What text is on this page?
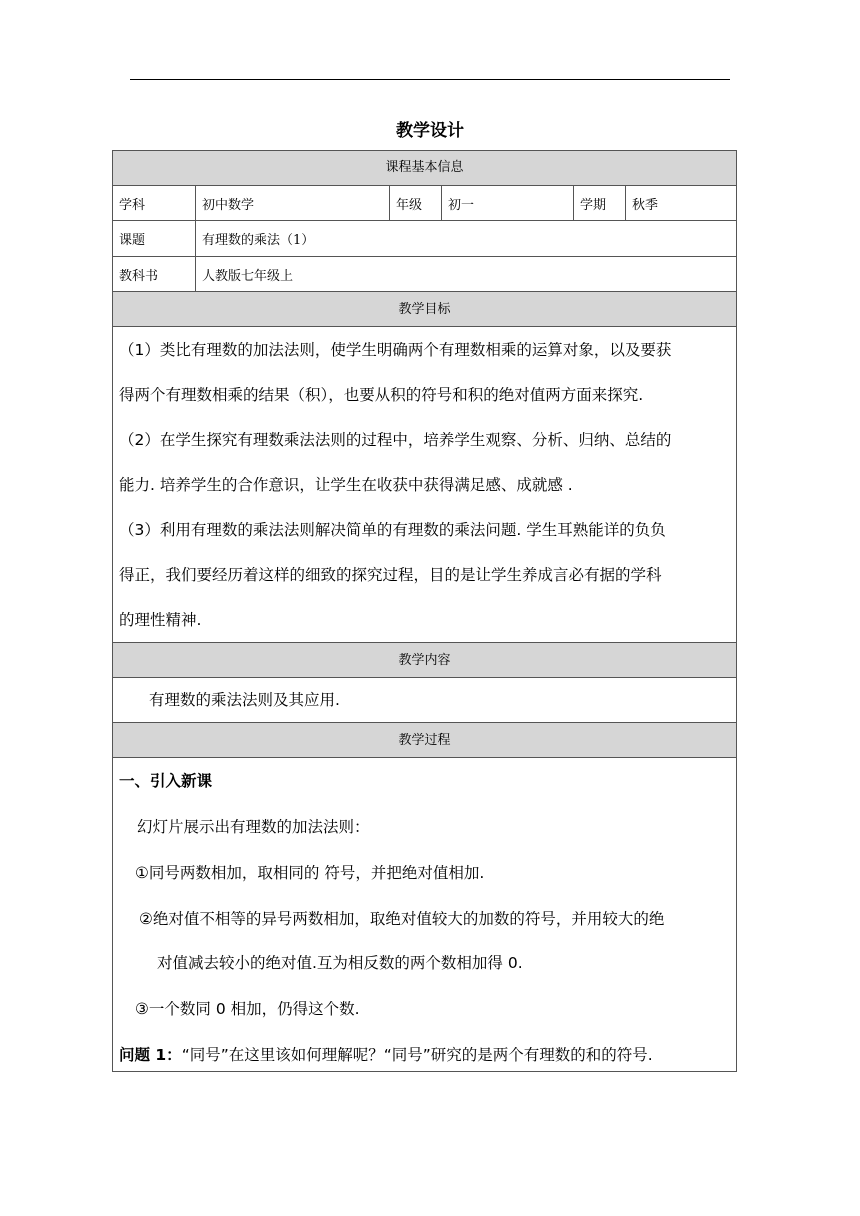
教学设计
课程基本信息
学科	初中数学	年级	初一	学期	秋季
课题	有理数的乘法（1）
教科书	人教版七年级上
教学目标
（1）类比有理数的加法法则，使学生明确两个有理数相乘的运算对象，以及要获
得两个有理数相乘的结果（积），也要从积的符号和积的绝对值两方面来探究.
（2）在学生探究有理数乘法法则的过程中，培养学生观察、分析、归纳、总结的
能力. 培养学生的合作意识，让学生在收获中获得满足感、成就感 .
（3）利用有理数的乘法法则解决简单的有理数的乘法问题. 学生耳熟能详的负负
得正，我们要经历着这样的细致的探究过程，目的是让学生养成言必有据的学科
的理性精神.
教学内容
有理数的乘法法则及其应用.
教学过程
一、引入新课
幻灯片展示出有理数的加法法则：
①同号两数相加，取相同的 符号，并把绝对值相加.
②绝对值不相等的异号两数相加，取绝对值较大的加数的符号，并用较大的绝
对值减去较小的绝对值.互为相反数的两个数相加得 0.
③一个数同 0 相加，仍得这个数.
问题 1：“同号”在这里该如何理解呢？“同号”研究的是两个有理数的和的符号.
